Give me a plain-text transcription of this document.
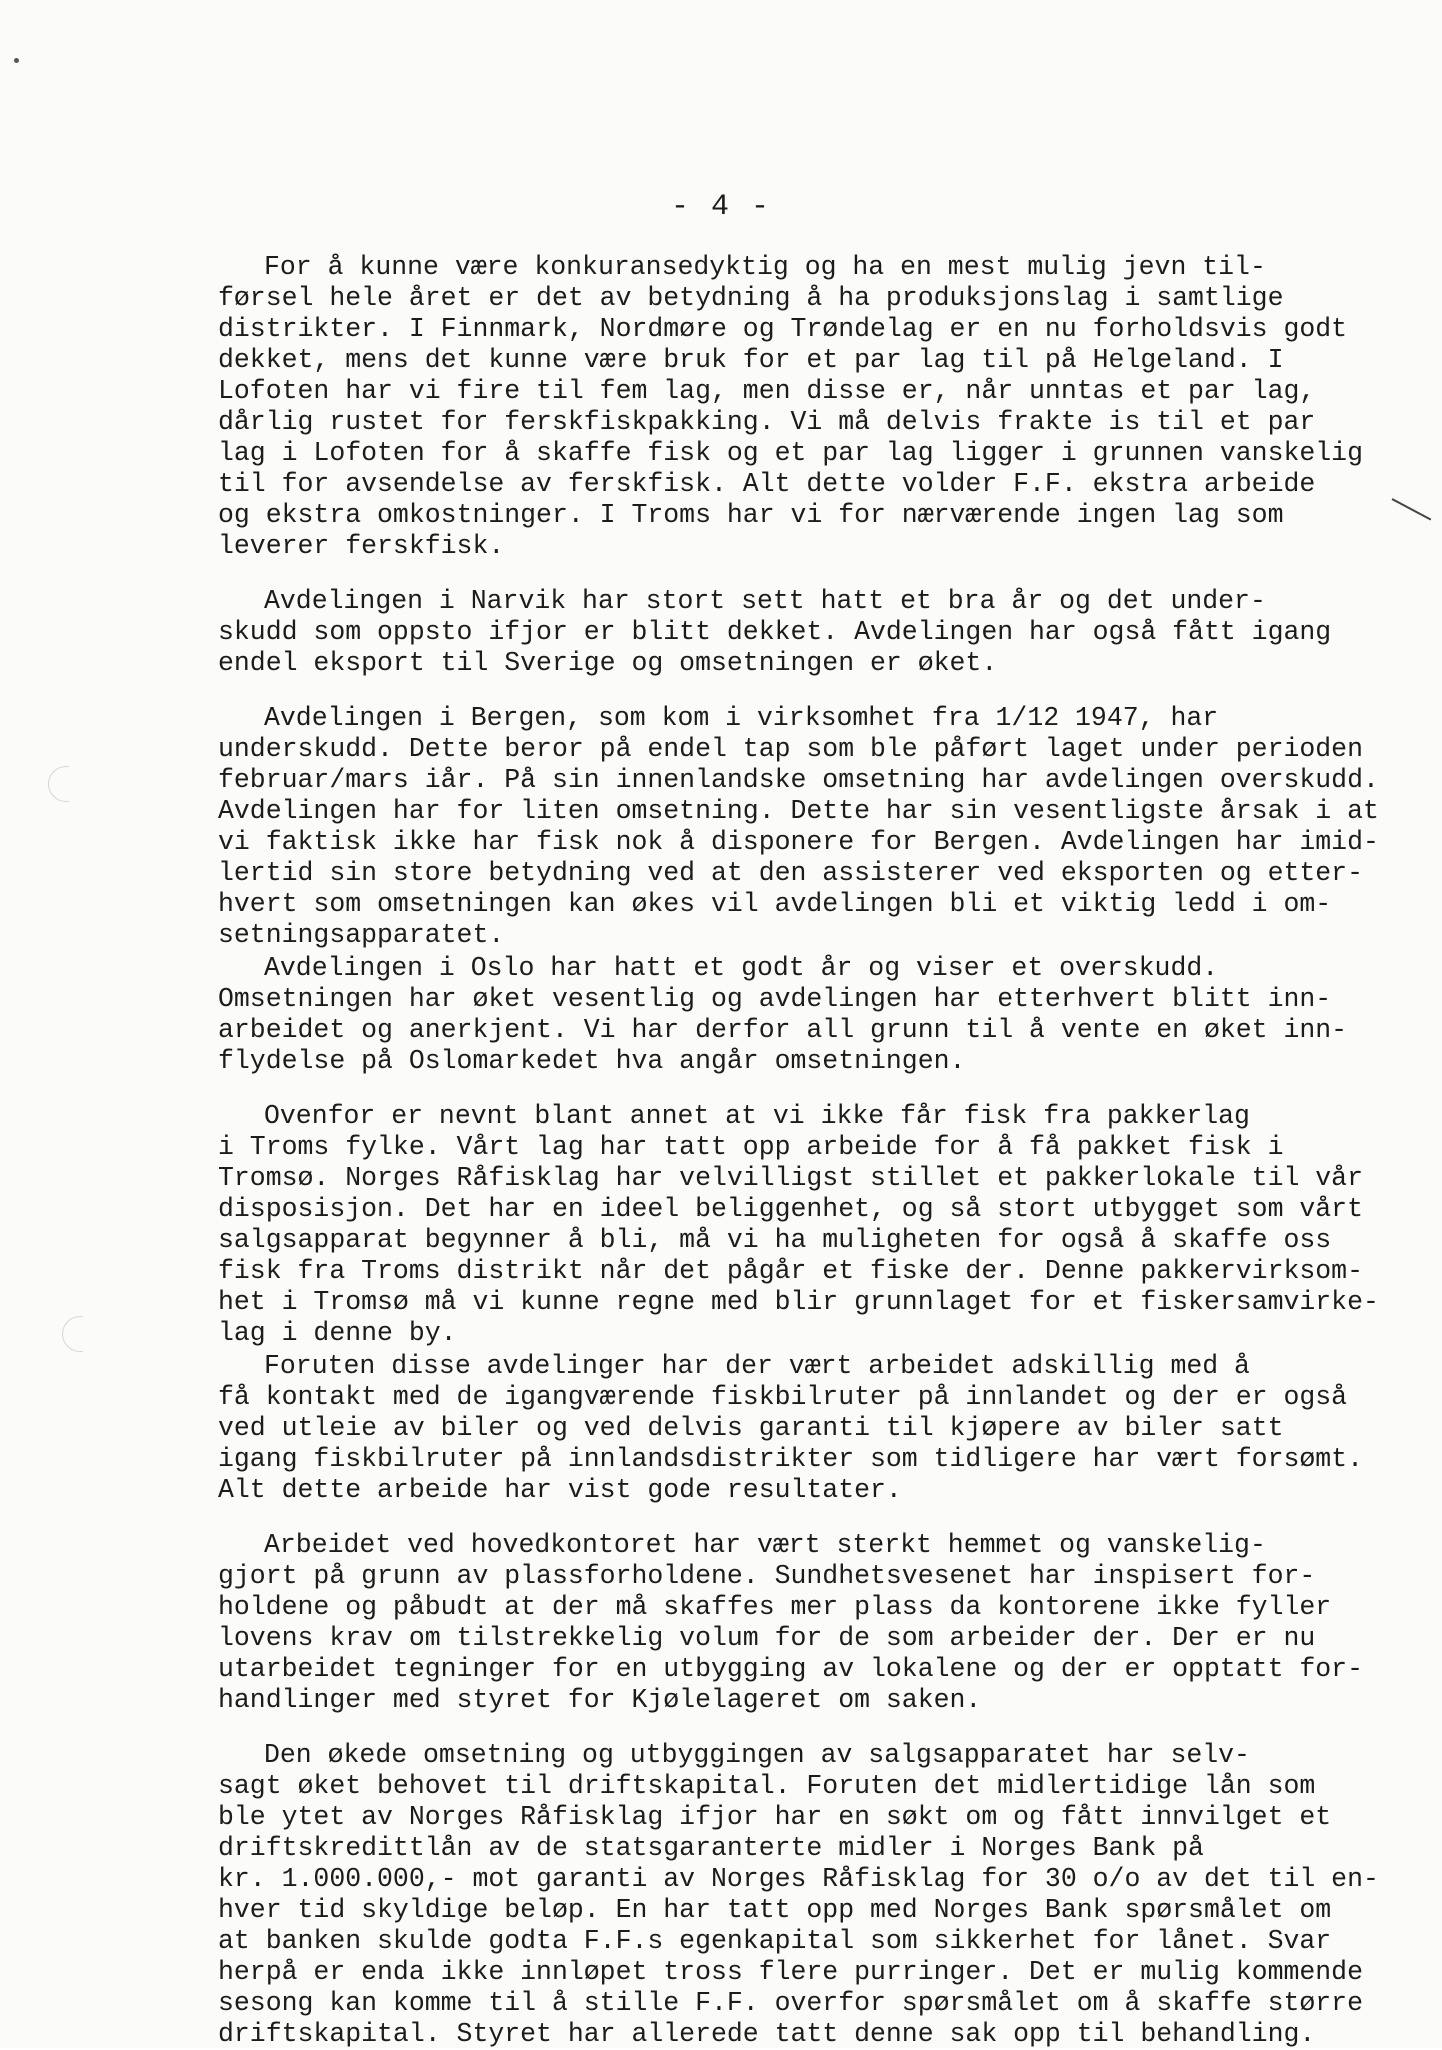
- 4 -
For å kunne være konkuransedyktig og ha en mest mulig jevn til-
førsel hele året er det av betydning å ha produksjonslag i samtlige
distrikter. I Finnmark, Nordmøre og Trøndelag er en nu forholdsvis godt
dekket, mens det kunne være bruk for et par lag til på Helgeland. I
Lofoten har vi fire til fem lag, men disse er, når unntas et par lag,
dårlig rustet for ferskfiskpakking. Vi må delvis frakte is til et par
lag i Lofoten for å skaffe fisk og et par lag ligger i grunnen vanskelig
til for avsendelse av ferskfisk. Alt dette volder F.F. ekstra arbeide
og ekstra omkostninger. I Troms har vi for nærværende ingen lag som
leverer ferskfisk.
Avdelingen i Narvik har stort sett hatt et bra år og det under-
skudd som oppsto ifjor er blitt dekket. Avdelingen har også fått igang
endel eksport til Sverige og omsetningen er øket.
Avdelingen i Bergen, som kom i virksomhet fra 1/12 1947, har
underskudd. Dette beror på endel tap som ble påført laget under perioden
februar/mars iår. På sin innenlandske omsetning har avdelingen overskudd.
Avdelingen har for liten omsetning. Dette har sin vesentligste årsak i at
vi faktisk ikke har fisk nok å disponere for Bergen. Avdelingen har imid-
lertid sin store betydning ved at den assisterer ved eksporten og etter-
hvert som omsetningen kan økes vil avdelingen bli et viktig ledd i om-
setningsapparatet.
Avdelingen i Oslo har hatt et godt år og viser et overskudd.
Omsetningen har øket vesentlig og avdelingen har etterhvert blitt inn-
arbeidet og anerkjent. Vi har derfor all grunn til å vente en øket inn-
flydelse på Oslomarkedet hva angår omsetningen.
Ovenfor er nevnt blant annet at vi ikke får fisk fra pakkerlag
i Troms fylke. Vårt lag har tatt opp arbeide for å få pakket fisk i
Tromsø. Norges Råfisklag har velvilligst stillet et pakkerlokale til vår
disposisjon. Det har en ideel beliggenhet, og så stort utbygget som vårt
salgsapparat begynner å bli, må vi ha muligheten for også å skaffe oss
fisk fra Troms distrikt når det pågår et fiske der. Denne pakkervirksom-
het i Tromsø må vi kunne regne med blir grunnlaget for et fiskersamvirke-
lag i denne by.
Foruten disse avdelinger har der vært arbeidet adskillig med å
få kontakt med de igangværende fiskbilruter på innlandet og der er også
ved utleie av biler og ved delvis garanti til kjøpere av biler satt
igang fiskbilruter på innlandsdistrikter som tidligere har vært forsømt.
Alt dette arbeide har vist gode resultater.
Arbeidet ved hovedkontoret har vært sterkt hemmet og vanskelig-
gjort på grunn av plassforholdene. Sundhetsvesenet har inspisert for-
holdene og påbudt at der må skaffes mer plass da kontorene ikke fyller
lovens krav om tilstrekkelig volum for de som arbeider der. Der er nu
utarbeidet tegninger for en utbygging av lokalene og der er opptatt for-
handlinger med styret for Kjølelageret om saken.
Den økede omsetning og utbyggingen av salgsapparatet har selv-
sagt øket behovet til driftskapital. Foruten det midlertidige lån som
ble ytet av Norges Råfisklag ifjor har en søkt om og fått innvilget et
driftskredittlån av de statsgaranterte midler i Norges Bank på
kr. 1.000.000,- mot garanti av Norges Råfisklag for 30 o/o av det til en-
hver tid skyldige beløp. En har tatt opp med Norges Bank spørsmålet om
at banken skulde godta F.F.s egenkapital som sikkerhet for lånet. Svar
herpå er enda ikke innløpet tross flere purringer. Det er mulig kommende
sesong kan komme til å stille F.F. overfor spørsmålet om å skaffe større
driftskapital. Styret har allerede tatt denne sak opp til behandling.
